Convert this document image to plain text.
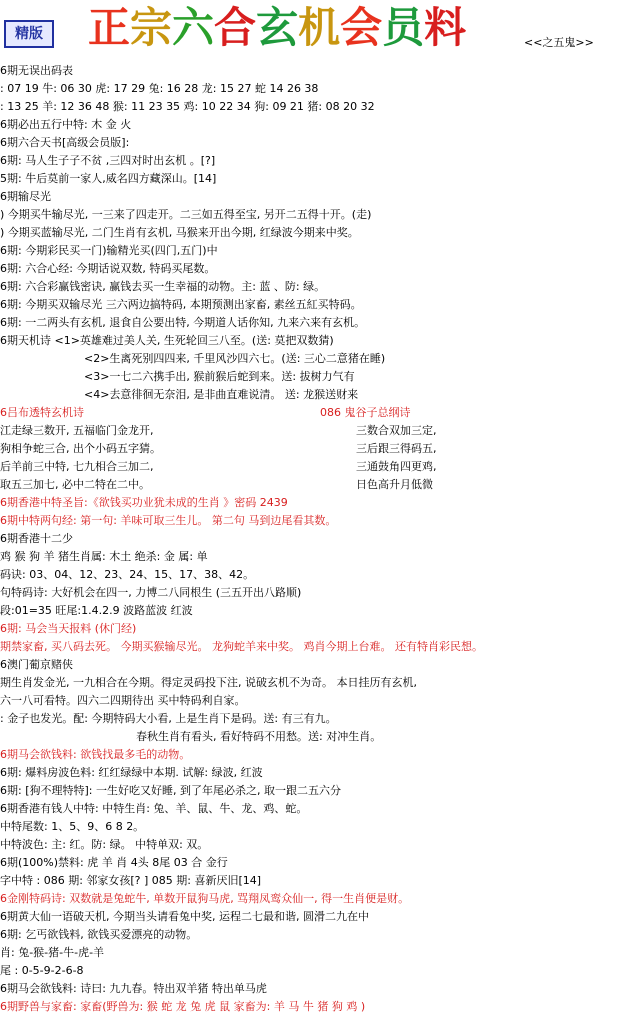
精版 正宗六合玄机会员料	<<之五鬼>>
6期无误出码表
: 07 19 牛: 06 30 虎: 17 29 兔: 16 28 龙: 15 27 蛇 14 26 38
: 13 25 羊: 12 36 48 猴: 11 23 35 鸡: 10 22 34 狗: 09 21 猪: 08 20 32
6期必出五行中特: 木 金 火
6期六合天书[高级会员版]:
6期: 马人生子子不贫 ,三四对时出玄机 。[?]
5期: 牛后莫前一家人,威名四方藏深山。[14]
6期输尽光
) 今期买牛输尽光, 一三来了四走开。二三如五得至宝, 另开二五得十开。(走)
) 今期买蓝输尽光, 二门生肖有玄机, 马猴来开出今期, 红绿波今期来中奖。
6期: 今期彩民买一门)输精光买(四门,五门)中
6期: 六合心经: 今期话说双数, 特码买尾数。
6期: 六合彩赢钱密诀, 赢钱去买一生幸福的动物。主: 蓝 、防: 绿。
6期: 今期买双输尽光 三六两边搞特码, 本期预测出家畜, 素丝五紅买特码。
6期: 一二两头有玄机, 退食自公要出特, 今期道人话你知, 九来六来有玄机。
6期天机诗 <1>英雄难过美人关, 生死轮回三八至。(送: 莫把双数猜)
<2>生离死别四四来, 千里风沙四六七。(送: 三心二意猪在睡)
<3>一七二六携手出, 猴前猴后蛇到来。送: 拔树力气有
<4>去意徘徊无奈泪, 是非曲直难说清。 送: 龙猴送财来
6吕布透特玄机诗	086 鬼谷子总纲诗
江走绿三数开, 五福临门金龙开,	三数合双加三定,
狗相争蛇三合, 出个小码五字猜。	三后跟三得码五,
后羊前三中特, 七九相合三加二,	三通鼓角四更鸡,
取五三加七, 必中二特在二中。	日色高升月低微
6期香港中特圣旨:《欲钱买功业犹未成的生肖 》密码 2439
6期中特两句经: 第一句: 羊味可取三生儿。 第二句 马到边尾看其数。
6期香港十二少
鸡 猴 狗 羊 猪生肖属: 木土 绝杀: 金 属: 单
码诀: 03、04、12、23、24、15、17、38、42。
句特码诗: 大好机会在四一, 力博二八同根生 (三五开出八路顺)
段:01=35 旺尾:1.4.2.9 波路蓝波 红波
6期: 马会当天报料 (休门经)
期禁家畜, 买八码去死。 今期买猴输尽光。 龙狗蛇羊来中奖。 鸡肖今期上台难。 还有特肖彩民想。
6澳门葡京赌侠
期生肖发金光, 一九相合在今期。得定灵码投下注, 说破玄机不为奇。 本日挂历有玄机,
六一八可看特。四六二四期待出 买中特码利自家。
: 金子也发光。配: 今期特码大小看, 上是生肖下是码。送: 有三有九。
春秋生肖有看头, 看好特码不用愁。送: 对冲生肖。
6期马会欲钱料: 欲钱找最多毛的动物。
6期: 爆料房波色料: 红红绿绿中本期. 试解: 绿波, 红波
6期: [狗不理特特]: 一生好吃又好睡, 到了年尾必杀之, 取一跟二五六分
6期香港有钱人中特: 中特生肖: 兔、羊、鼠、牛、龙、鸡、蛇。
中特尾数: 1、5、9、6 8 2。
中特波色: 主: 红。防: 绿。 中特单双: 双。
6期(100%)禁料: 虎 羊 肖 4头 8尾 03 合 金行
字中特 : 086 期: 邻家女孩[? ] 085 期: 喜新厌旧[14]
6金刚特码诗: 双数就是兔蛇牛, 单数开鼠狗马虎, 骂翔凤鸾众仙一, 得一生肖便是财。
6期黄大仙一语破天机, 今期当头请看兔中奖, 运程二七最和谐, 圆滑二九在中
6期: 乞丐欲钱料, 欲钱买爱漂亮的动物。
肖: 兔-猴-猪-牛-虎-羊
尾 : 0-5-9-2-6-8
6期马会欲钱料: 诗曰: 九九春。特出双羊猪 特出单马虎
6期野兽与家畜: 家畜(野兽为: 猴 蛇 龙 兔 虎 鼠 家畜为: 羊 马 牛 猪 狗 鸡 )
